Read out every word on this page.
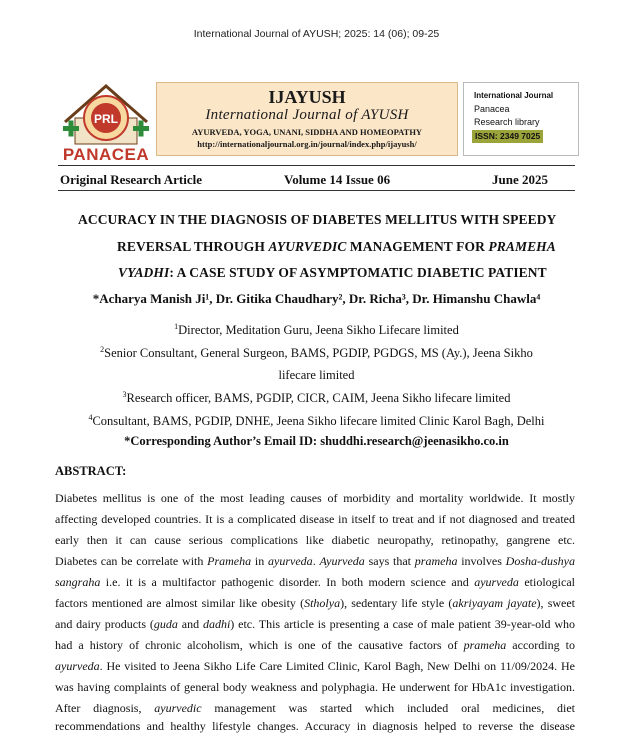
International Journal of AYUSH; 2025: 14 (06); 09-25
PRL
PANACEA
IJAYUSH
International Journal of AYUSH
AYURVEDA, YOGA, UNANI, SIDDHA AND HOMEOPATHY
http://internationaljournal.org.in/journal/index.php/ijayush/
International Journal
Panacea
Research library
ISSN: 2349 7025
Original Research Article	Volume 14 Issue 06	June 2025
ACCURACY IN THE DIAGNOSIS OF DIABETES MELLITUS WITH SPEEDY
REVERSAL THROUGH AYURVEDIC MANAGEMENT FOR PRAMEHA
VYADHI: A CASE STUDY OF ASYMPTOMATIC DIABETIC PATIENT
*Acharya Manish Ji¹, Dr. Gitika Chaudhary², Dr. Richa³, Dr. Himanshu Chawla⁴
$^1$Director, Meditation Guru, Jeena Sikho Lifecare limited
$^2$Senior Consultant, General Surgeon, BAMS, PGDIP, PGDGS, MS (Ay.), Jeena Sikho
lifecare limited
$^3$Research officer, BAMS, PGDIP, CICR, CAIM, Jeena Sikho lifecare limited
$^4$Consultant, BAMS, PGDIP, DNHE, Jeena Sikho lifecare limited Clinic Karol Bagh, Delhi
*Corresponding Author’s Email ID: shuddhi.research@jeenasikho.co.in
ABSTRACT:
Diabetes mellitus is one of the most leading causes of morbidity and mortality worldwide. It mostly
affecting developed countries. It is a complicated disease in itself to treat and if not diagnosed and treated
early then it can cause serious complications like diabetic neuropathy, retinopathy, gangrene etc.
Diabetes can be correlate with Prameha in ayurveda. Ayurveda says that prameha involves Dosha-dushya
sangraha i.e. it is a multifactor pathogenic disorder. In both modern science and ayurveda etiological
factors mentioned are almost similar like obesity (Stholya), sedentary life style (akriyayam jayate), sweet
and dairy products (guda and dadhi) etc. This article is presenting a case of male patient 39-year-old who
had a history of chronic alcoholism, which is one of the causative factors of prameha according to
ayurveda. He visited to Jeena Sikho Life Care Limited Clinic, Karol Bagh, New Delhi on 11/09/2024. He
was having complaints of general body weakness and polyphagia. He underwent for HbA1c investigation.
After diagnosis, ayurvedic management was started which included oral medicines, diet
recommendations and healthy lifestyle changes. Accuracy in diagnosis helped to reverse the disease
